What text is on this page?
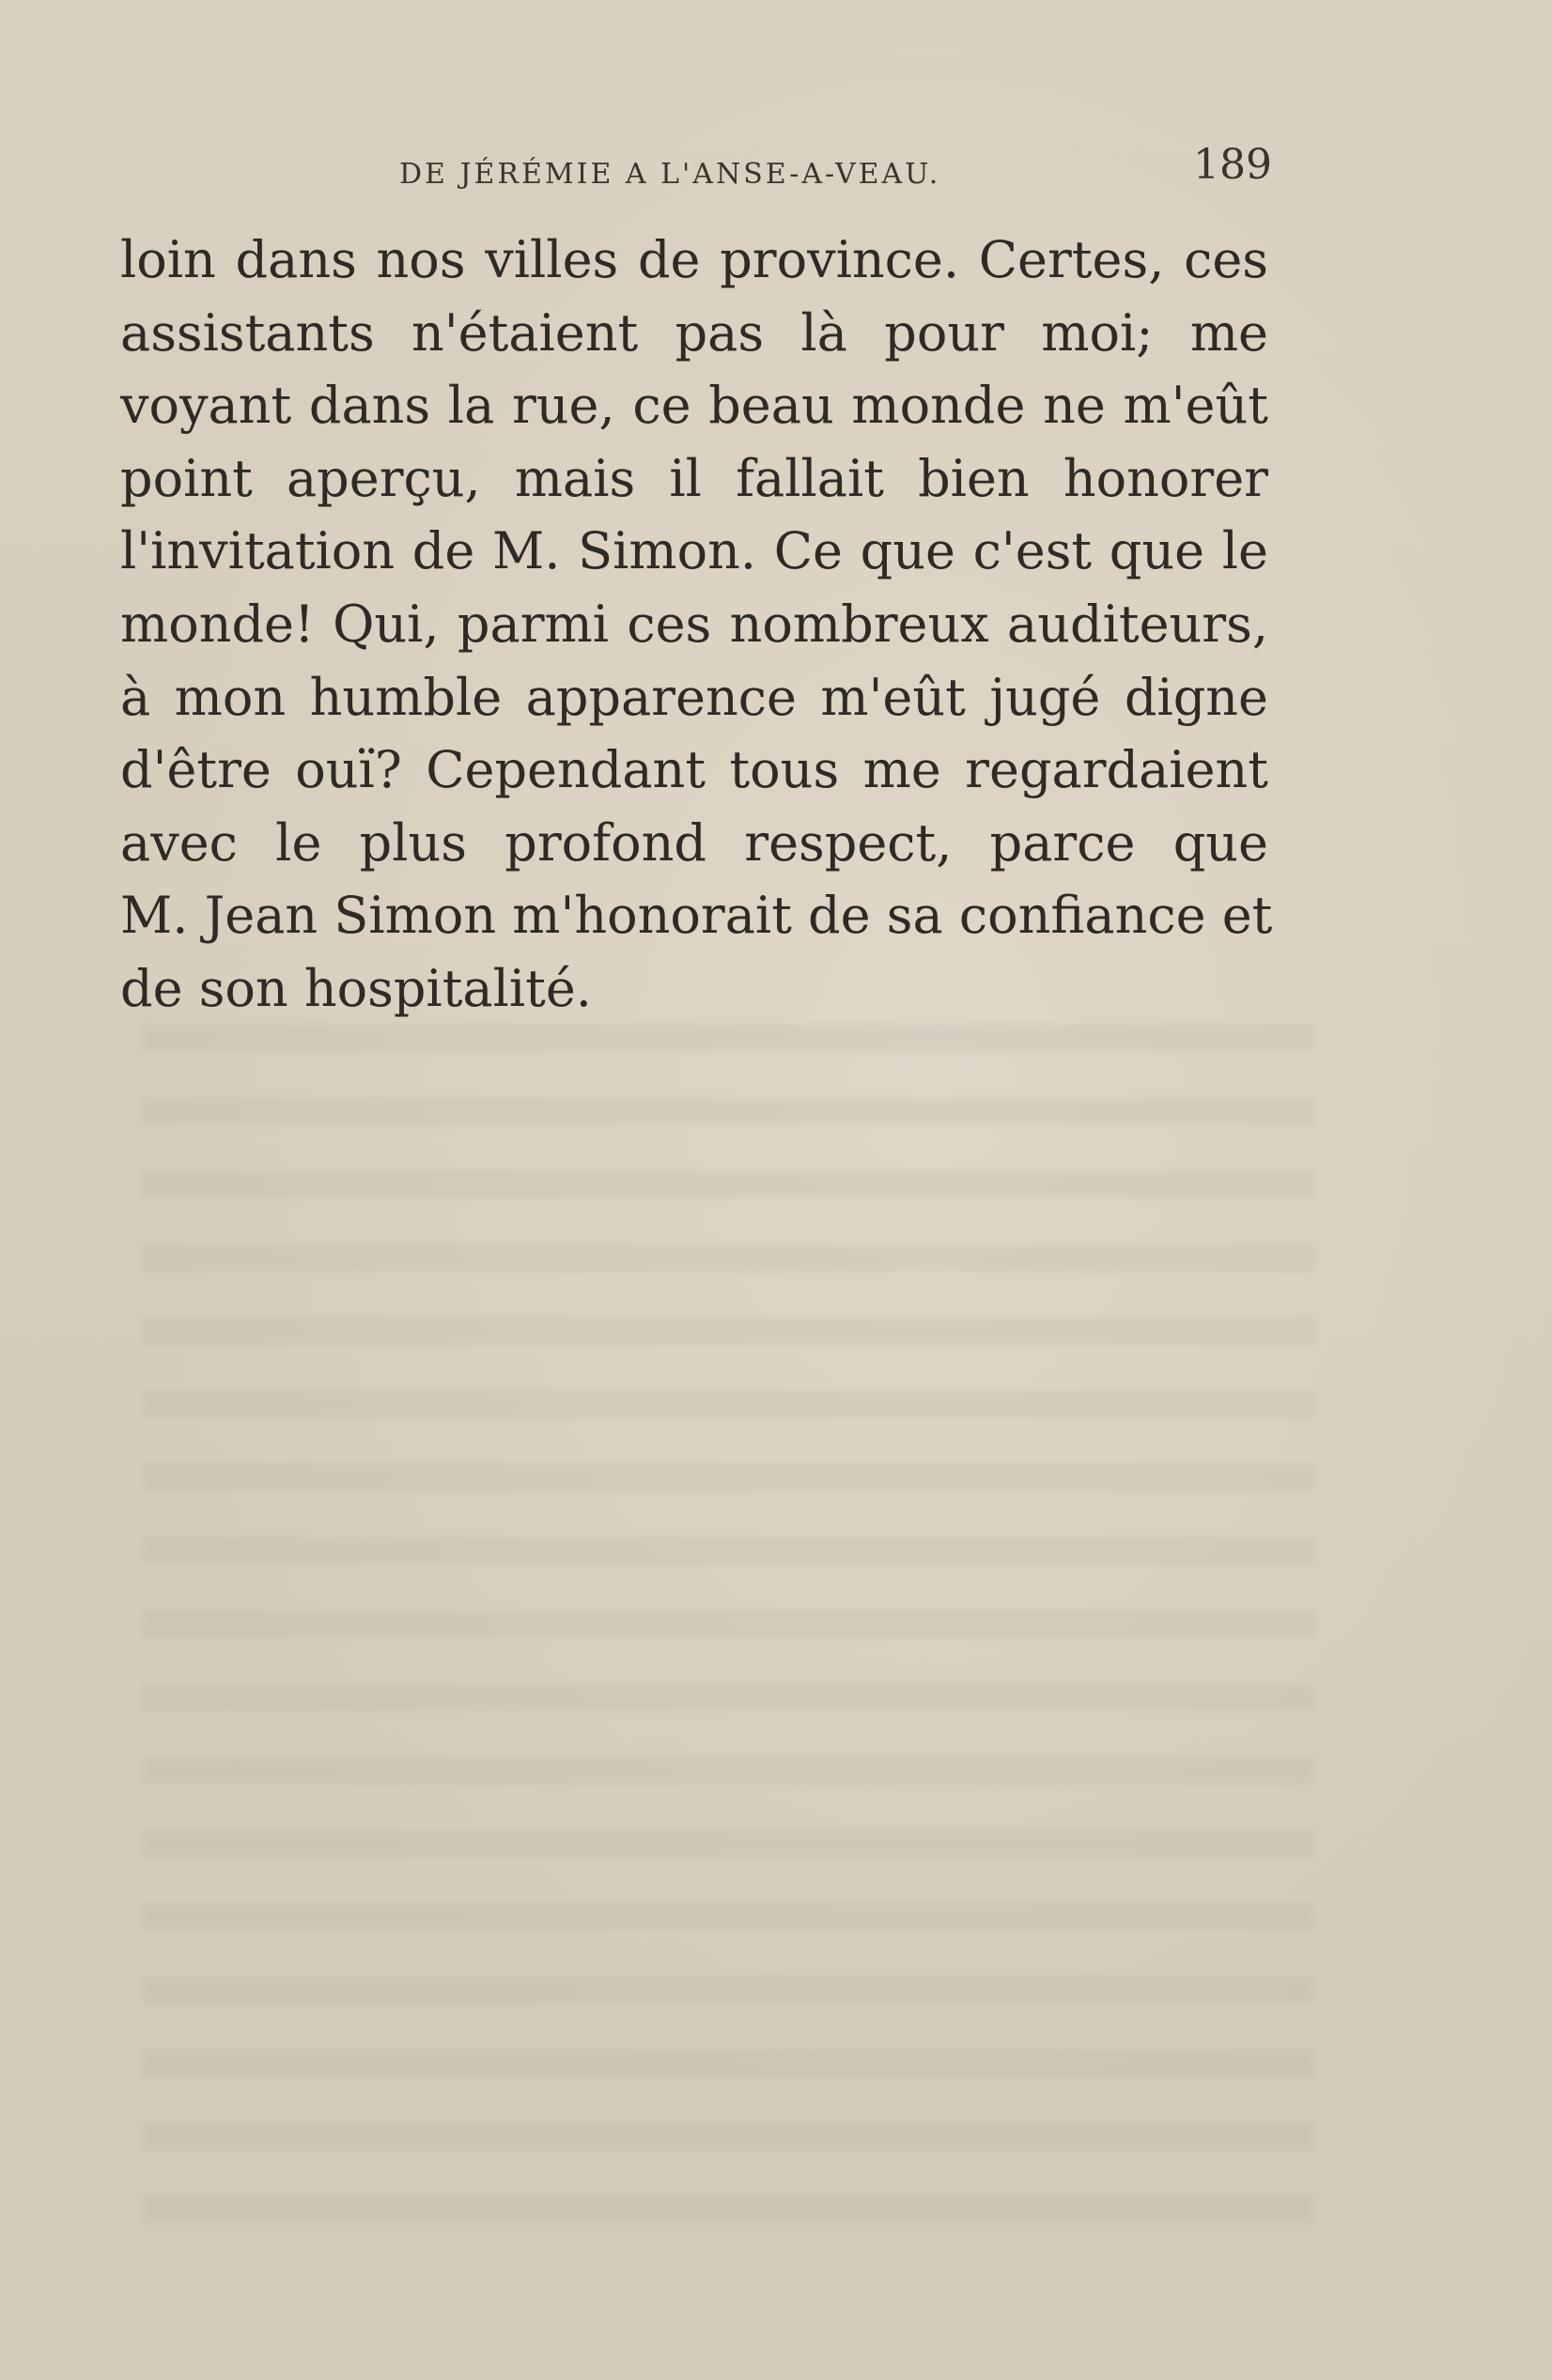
DE JÉRÉMIE A L'ANSE-A-VEAU.	189
loin dans nos villes de province. Certes, ces
assistants n'étaient pas là pour moi; me
voyant dans la rue, ce beau monde ne m'eût
point aperçu, mais il fallait bien honorer
l'invitation de M. Simon. Ce que c'est que le
monde! Qui, parmi ces nombreux auditeurs,
à mon humble apparence m'eût jugé digne
d'être ouï? Cependant tous me regardaient
avec le plus profond respect, parce que
M. Jean Simon m'honorait de sa confiance et
de son hospitalité.
